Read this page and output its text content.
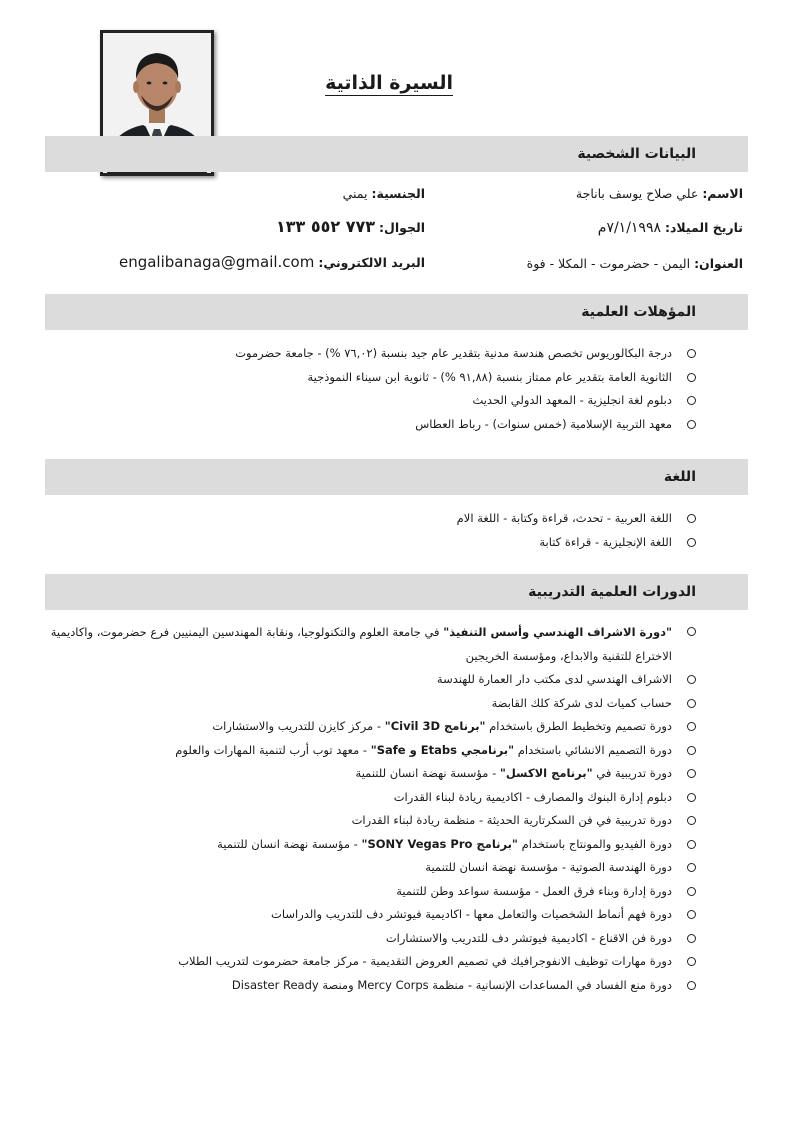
السيرة الذاتية
البيانات الشخصية
الاسم: علي صلاح يوسف باناجة
تاريخ الميلاد: ٧/١/١٩٩٨م
العنوان: اليمن - حضرموت - المكلا - فوة
الجنسية: يمني
الجوال: ٧٧٣ ٥٥٢ ١٣٣
البريد الالكتروني: engalibanaga@gmail.com
المؤهلات العلمية
درجة البكالوريوس تخصص هندسة مدنية بتقدير عام جيد بنسبة (٧٦,٠٢ %) - جامعة حضرموت
الثانوية العامة بتقدير عام ممتاز بنسبة (٩١,٨٨ %) - ثانوية ابن سيناء النموذجية
دبلوم لغة انجليزية - المعهد الدولي الحديث
معهد التربية الإسلامية (خمس سنوات) - رباط العطاس
اللغة
اللغة العربية - تحدث، قراءة وكتابة - اللغة الام
اللغة الإنجليزية - قراءة كتابة
الدورات العلمية التدريبية
"دورة الاشراف الهندسي وأسس التنفيذ" في جامعة العلوم والتكنولوجيا، ونقابة المهندسين اليمنيين فرع حضرموت، واكاديمية الاختراع للتقنية والابداع، ومؤسسة الخريجين
الاشراف الهندسي لدى مكتب دار العمارة للهندسة
حساب كميات لدى شركة كلك القابضة
دورة تصميم وتخطيط الطرق باستخدام "برنامج Civil 3D" - مركز كايزن للتدريب والاستشارات
دورة التصميم الانشائي باستخدام "برنامجي Etabs و Safe" - معهد توب أرب لتنمية المهارات والعلوم
دورة تدريبية في "برنامج الاكسل" - مؤسسة نهضة انسان للتنمية
دبلوم إدارة البنوك والمصارف - اكاديمية ريادة لبناء القدرات
دورة تدريبية في فن السكرتارية الحديثة - منظمة ريادة لبناء القدرات
دورة الفيديو والمونتاج باستخدام "برنامج SONY Vegas Pro" - مؤسسة نهضة انسان للتنمية
دورة الهندسة الصوتية - مؤسسة نهضة انسان للتنمية
دورة إدارة وبناء فرق العمل - مؤسسة سواعد وطن للتنمية
دورة فهم أنماط الشخصيات والتعامل معها - اكاديمية فيوتشر دف للتدريب والدراسات
دورة فن الاقناع - اكاديمية فيوتشر دف للتدريب والاستشارات
دورة مهارات توظيف الانفوجرافيك في تصميم العروض التقديمية - مركز جامعة حضرموت لتدريب الطلاب
دورة منع الفساد في المساعدات الإنسانية - منظمة Mercy Corps ومنصة Disaster Ready
